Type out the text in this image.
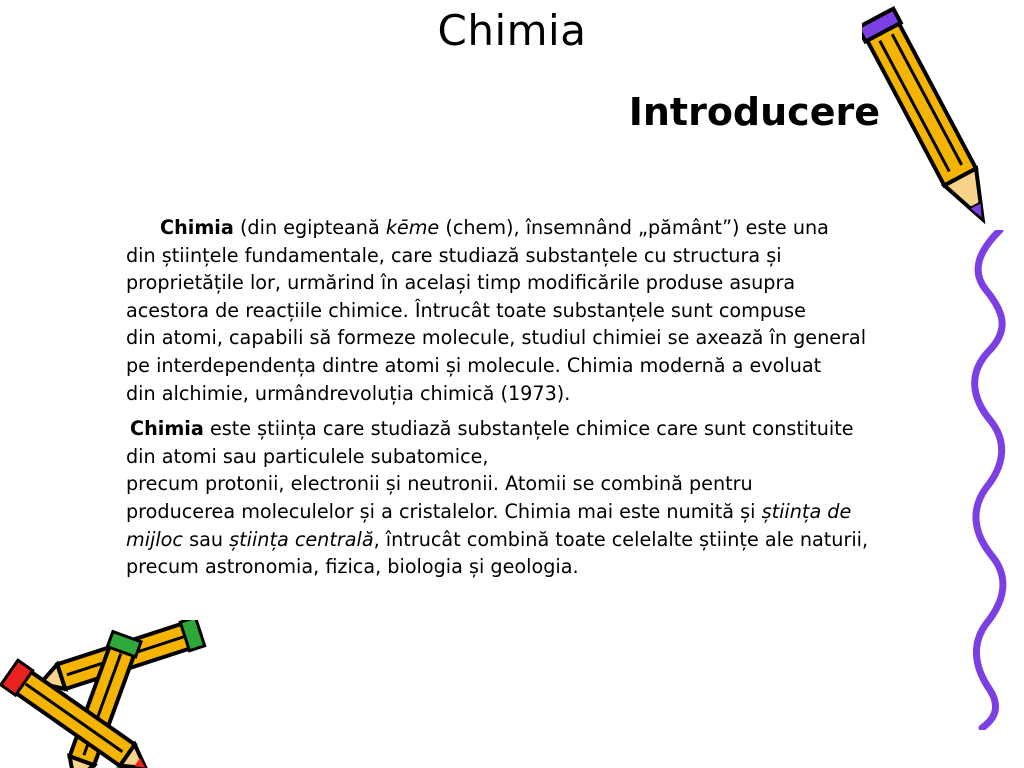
Chimia
Introducere

Chimia (din egipteană kēme (chem), însemnând „pământ”) este una
din științele fundamentale, care studiază substanțele cu structura și
proprietățile lor, urmărind în același timp modificările produse asupra
acestora de reacțiile chimice. Întrucât toate substanțele sunt compuse
din atomi, capabili să formeze molecule, studiul chimiei se axează în general
pe interdependența dintre atomi și molecule. Chimia modernă a evoluat
din alchimie, urmândrevoluția chimică (1973).

Chimia este știința care studiază substanțele chimice care sunt constituite
din atomi sau particulele subatomice,
precum protonii, electronii și neutronii. Atomii se combină pentru
producerea moleculelor și a cristalelor. Chimia mai este numită și știința de
mijloc sau știința centrală, întrucât combină toate celelalte științe ale naturii,
precum astronomia, fizica, biologia și geologia.
